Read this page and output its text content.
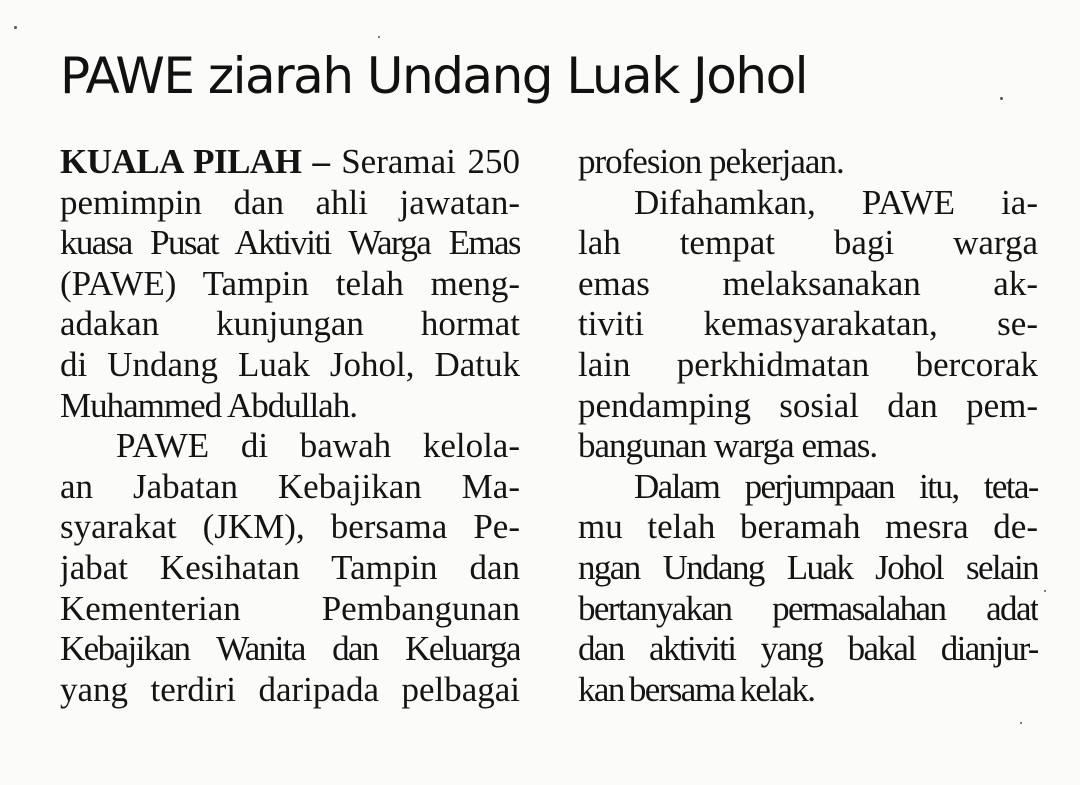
PAWE ziarah Undang Luak Johol
KUALA PILAH – Seramai 250
pemimpin dan ahli jawatan-
kuasa Pusat Aktiviti Warga Emas
(PAWE) Tampin telah meng-
adakan kunjungan hormat
di Undang Luak Johol, Datuk
Muhammed Abdullah.
PAWE di bawah kelola-
an Jabatan Kebajikan Ma-
syarakat (JKM), bersama Pe-
jabat Kesihatan Tampin dan
Kementerian Pembangunan
Kebajikan Wanita dan Keluarga
yang terdiri daripada pelbagai
profesion pekerjaan.
Difahamkan, PAWE ia-
lah tempat bagi warga
emas melaksanakan ak-
tiviti kemasyarakatan, se-
lain perkhidmatan bercorak
pendamping sosial dan pem-
bangunan warga emas.
Dalam perjumpaan itu, teta-
mu telah beramah mesra de-
ngan Undang Luak Johol selain
bertanyakan permasalahan adat
dan aktiviti yang bakal dianjur-
kan bersama kelak.
